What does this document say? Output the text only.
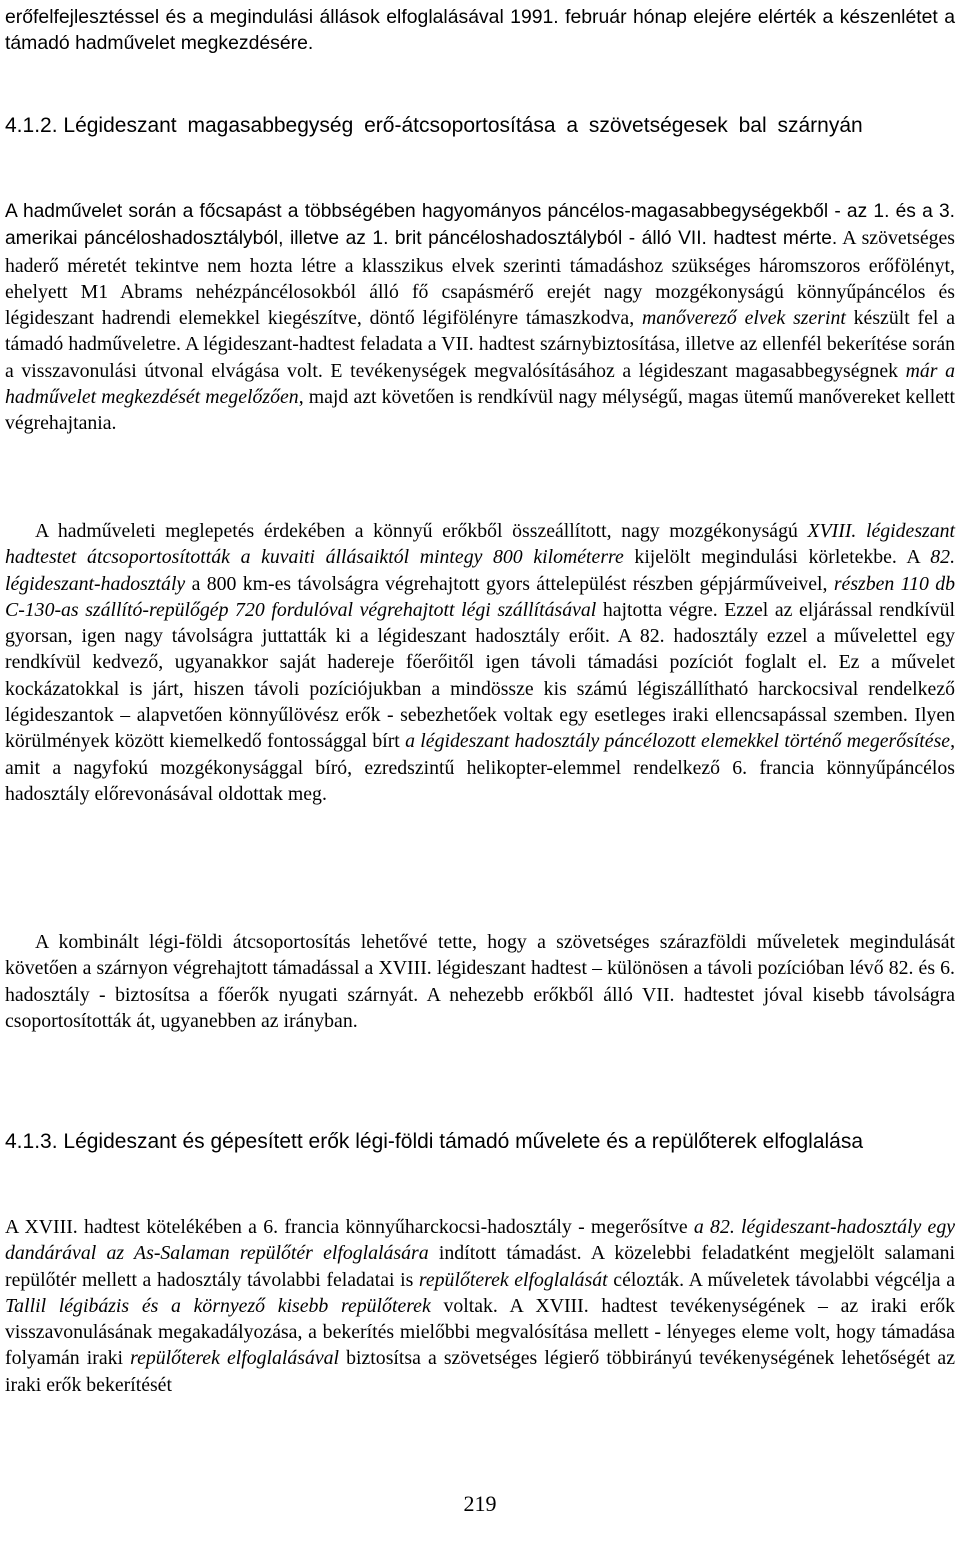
erőfelfejlesztéssel és a megindulási állások elfoglalásával 1991. február hónap elejére elérték a készenlétet a támadó hadművelet megkezdésére.

4.1.2. Légideszant magasabbegység erő-átcsoportosítása a szövetségesek bal szárnyán

A hadművelet során a főcsapást a többségében hagyományos páncélos-magasabbegységekből - az 1. és a 3. amerikai páncéloshadosztályból, illetve az 1. brit páncéloshadosztályból - álló VII. hadtest mérte. A szövetséges haderő méretét tekintve nem hozta létre a klasszikus elvek szerinti támadáshoz szükséges háromszoros erőfölényt, ehelyett M1 Abrams nehézpáncélosokból álló fő csapásmérő erejét nagy mozgékonyságú könnyűpáncélos és légideszant hadrendi elemekkel kiegészítve, döntő légifölényre támaszkodva, manőverező elvek szerint készült fel a támadó hadműveletre. A légideszant-hadtest feladata a VII. hadtest szárnybiztosítása, illetve az ellenfél bekerítése során a visszavonulási útvonal elvágása volt. E tevékenységek megvalósításához a légideszant magasabbegységnek már a hadművelet megkezdését megelőzően, majd azt követően is rendkívül nagy mélységű, magas ütemű manővereket kellett végrehajtania.

A hadműveleti meglepetés érdekében a könnyű erőkből összeállított, nagy mozgékonyságú XVIII. légideszant hadtestet átcsoportosították a kuvaiti állásaiktól mintegy 800 kilométerre kijelölt megindulási körletekbe. A 82. légideszant-hadosztály a 800 km-es távolságra végrehajtott gyors áttelepülést részben gépjárműveivel, részben 110 db C-130-as szállító-repülőgép 720 fordulóval végrehajtott légi szállításával hajtotta végre. Ezzel az eljárással rendkívül gyorsan, igen nagy távolságra juttatták ki a légideszant hadosztály erőit. A 82. hadosztály ezzel a művelettel egy rendkívül kedvező, ugyanakkor saját hadereje főerőitől igen távoli támadási pozíciót foglalt el. Ez a művelet kockázatokkal is járt, hiszen távoli pozíciójukban a mindössze kis számú légiszállítható harckocsival rendelkező légideszantok – alapvetően könnyűlövész erők - sebezhetőek voltak egy esetleges iraki ellencsapással szemben. Ilyen körülmények között kiemelkedő fontossággal bírt a légideszant hadosztály páncélozott elemekkel történő megerősítése, amit a nagyfokú mozgékonysággal bíró, ezredszintű helikopter-elemmel rendelkező 6. francia könnyűpáncélos hadosztály előrevonásával oldottak meg.

A kombinált légi-földi átcsoportosítás lehetővé tette, hogy a szövetséges szárazföldi műveletek megindulását követően a szárnyon végrehajtott támadással a XVIII. légideszant hadtest – különösen a távoli pozícióban lévő 82. és 6. hadosztály - biztosítsa a főerők nyugati szárnyát. A nehezebb erőkből álló VII. hadtestet jóval kisebb távolságra csoportosították át, ugyanebben az irányban.

4.1.3. Légideszant és gépesített erők légi-földi támadó művelete és a repülőterek elfoglalása

A XVIII. hadtest kötelékében a 6. francia könnyűharckocsi-hadosztály - megerősítve a 82. légideszant-hadosztály egy dandárával az As-Salaman repülőtér elfoglalására indított támadást. A közelebbi feladatként megjelölt salamani repülőtér mellett a hadosztály távolabbi feladatai is repülőterek elfoglalását célozták. A műveletek távolabbi végcélja a Tallil légibázis és a környező kisebb repülőterek voltak. A XVIII. hadtest tevékenységének – az iraki erők visszavonulásának megakadályozása, a bekerítés mielőbbi megvalósítása mellett - lényeges eleme volt, hogy támadása folyamán iraki repülőterek elfoglalásával biztosítsa a szövetséges légierő többirányú tevékenységének lehetőségét az iraki erők bekerítését

219
